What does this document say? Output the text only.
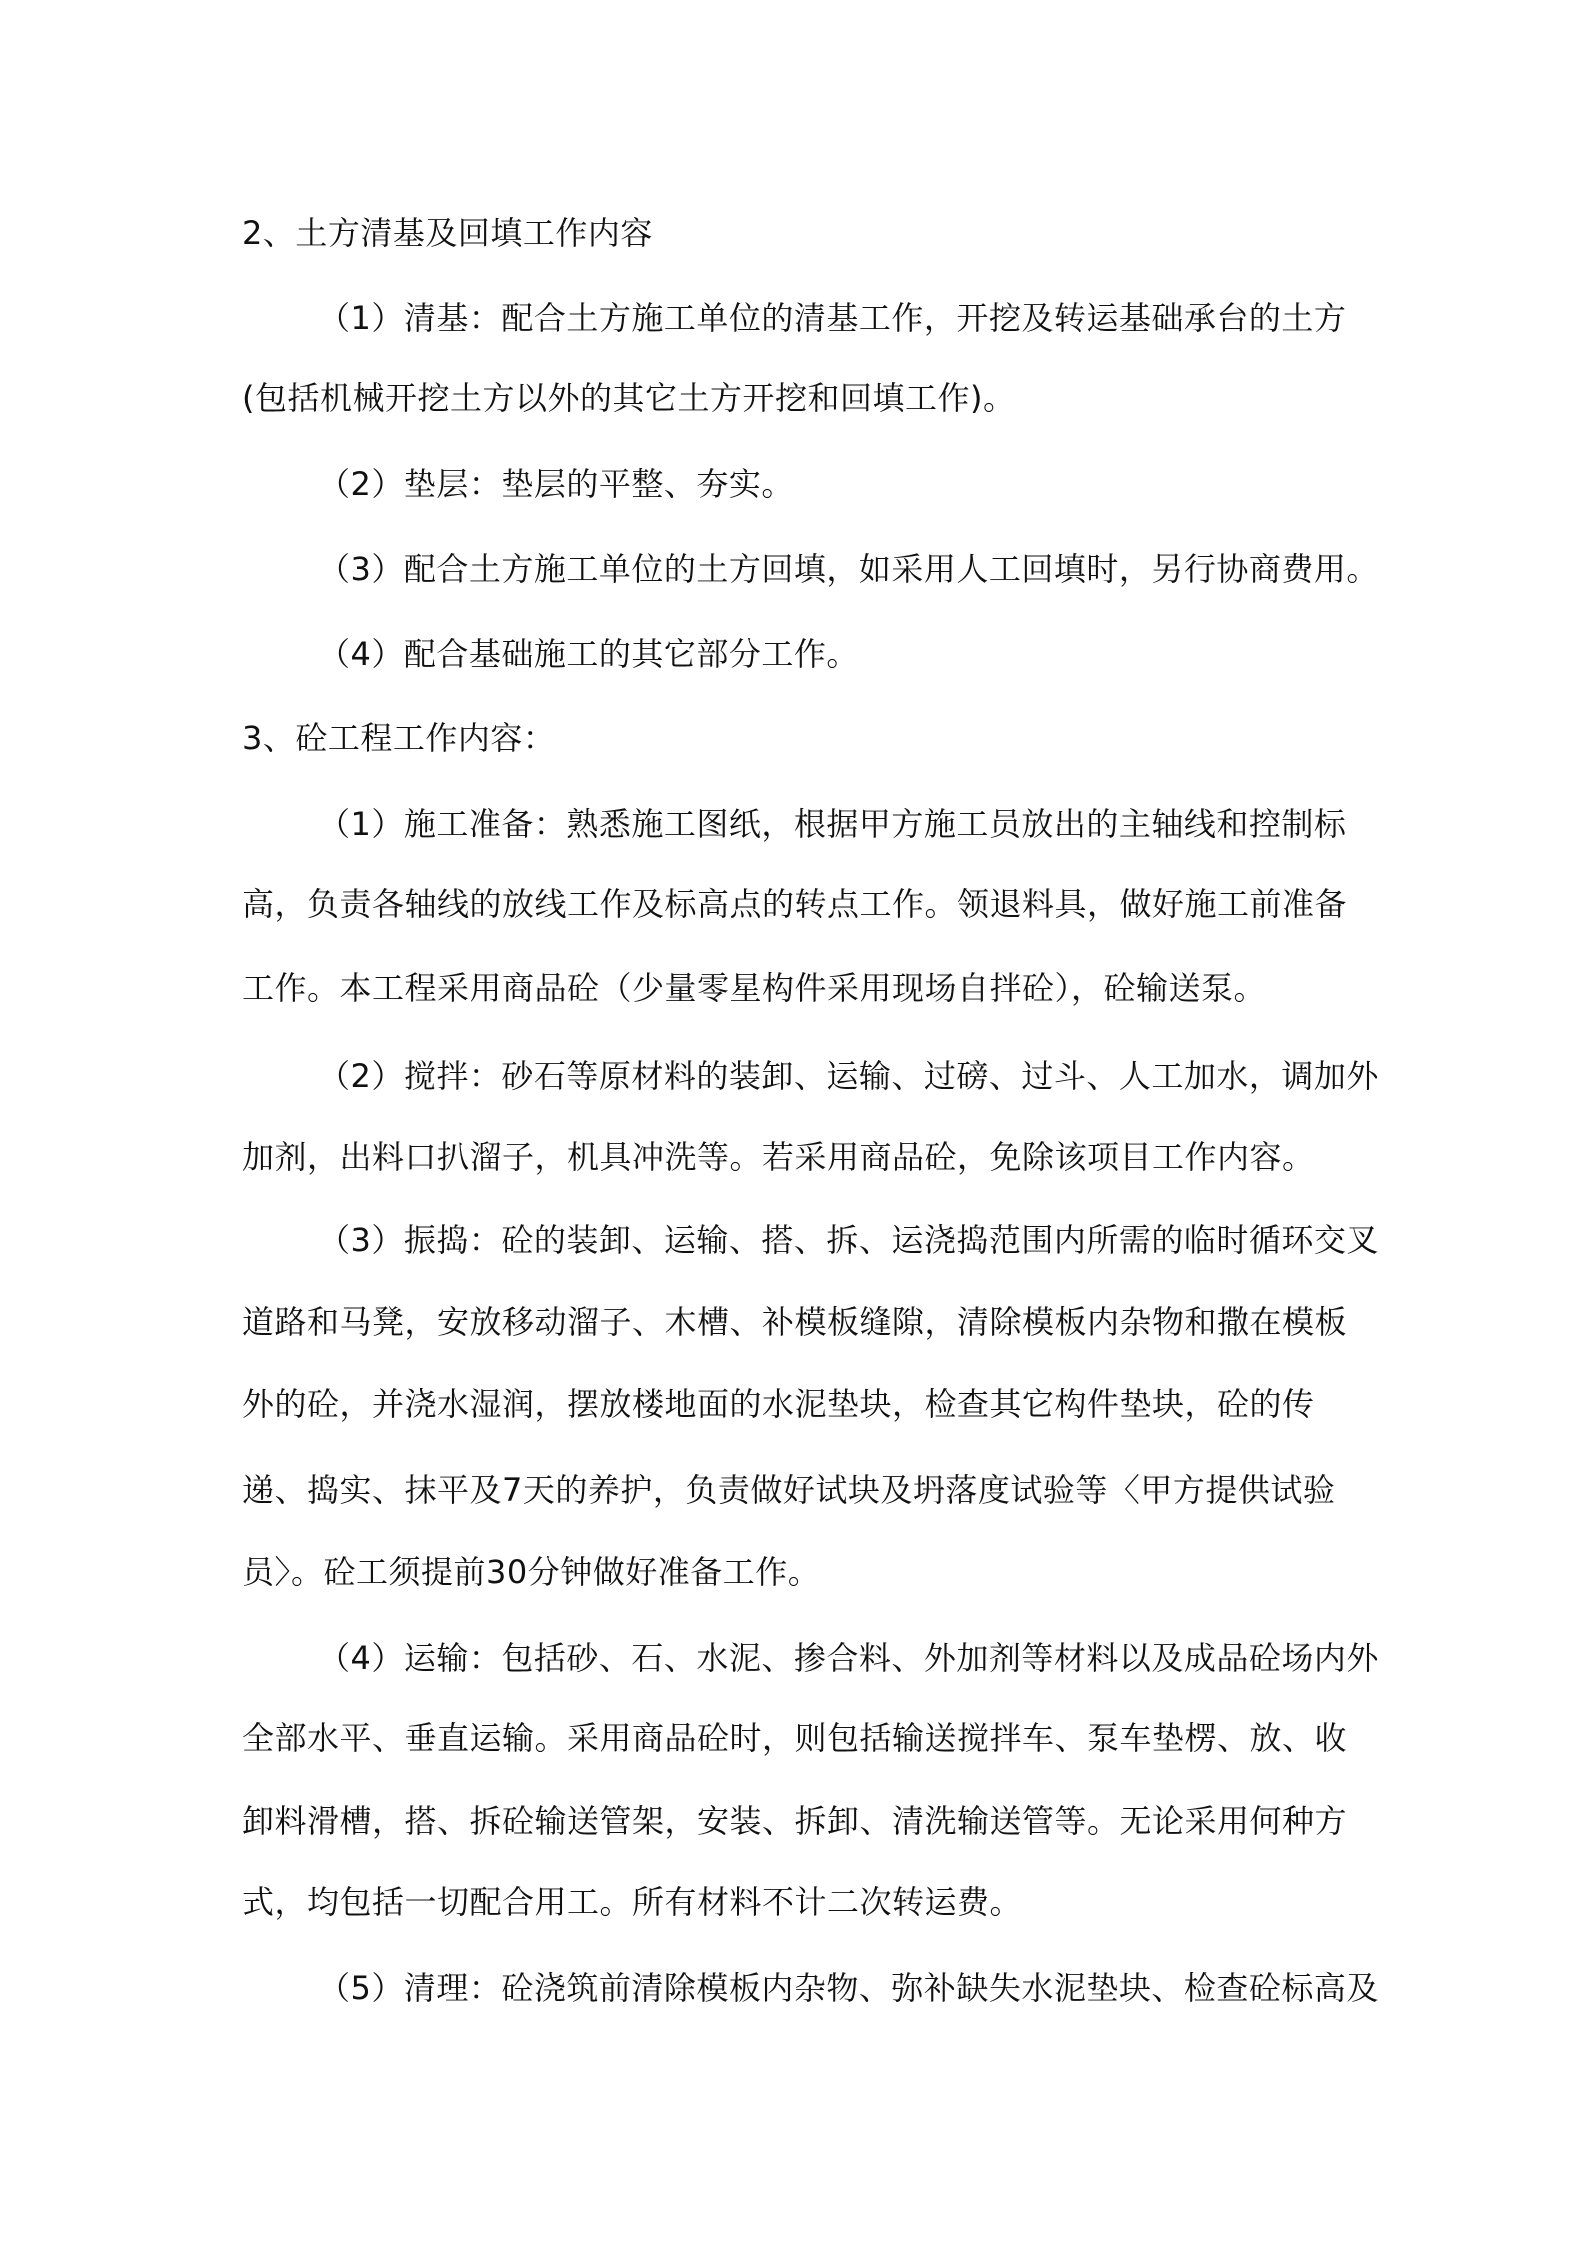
2、土方清基及回填工作内容
（1）清基：配合土方施工单位的清基工作，开挖及转运基础承台的土方
(包括机械开挖土方以外的其它土方开挖和回填工作)。
（2）垫层：垫层的平整、夯实。
（3）配合土方施工单位的土方回填，如采用人工回填时，另行协商费用。
（4）配合基础施工的其它部分工作。
3、砼工程工作内容：
（1）施工准备：熟悉施工图纸，根据甲方施工员放出的主轴线和控制标
高，负责各轴线的放线工作及标高点的转点工作。领退料具，做好施工前准备
工作。本工程采用商品砼（少量零星构件采用现场自拌砼），砼输送泵。
（2）搅拌：砂石等原材料的装卸、运输、过磅、过斗、人工加水，调加外
加剂，出料口扒溜子，机具冲洗等。若采用商品砼，免除该项目工作内容。
（3）振捣：砼的装卸、运输、搭、拆、运浇捣范围内所需的临时循环交叉
道路和马凳，安放移动溜子、木槽、补模板缝隙，清除模板内杂物和撒在模板
外的砼，并浇水湿润，摆放楼地面的水泥垫块，检查其它构件垫块，砼的传
递、捣实、抹平及7天的养护，负责做好试块及坍落度试验等〈甲方提供试验
员〉。砼工须提前30分钟做好准备工作。
（4）运输：包括砂、石、水泥、掺合料、外加剂等材料以及成品砼场内外
全部水平、垂直运输。采用商品砼时，则包括输送搅拌车、泵车垫楞、放、收
卸料滑槽，搭、拆砼输送管架，安装、拆卸、清洗输送管等。无论采用何种方
式，均包括一切配合用工。所有材料不计二次转运费。
（5）清理：砼浇筑前清除模板内杂物、弥补缺失水泥垫块、检查砼标高及
